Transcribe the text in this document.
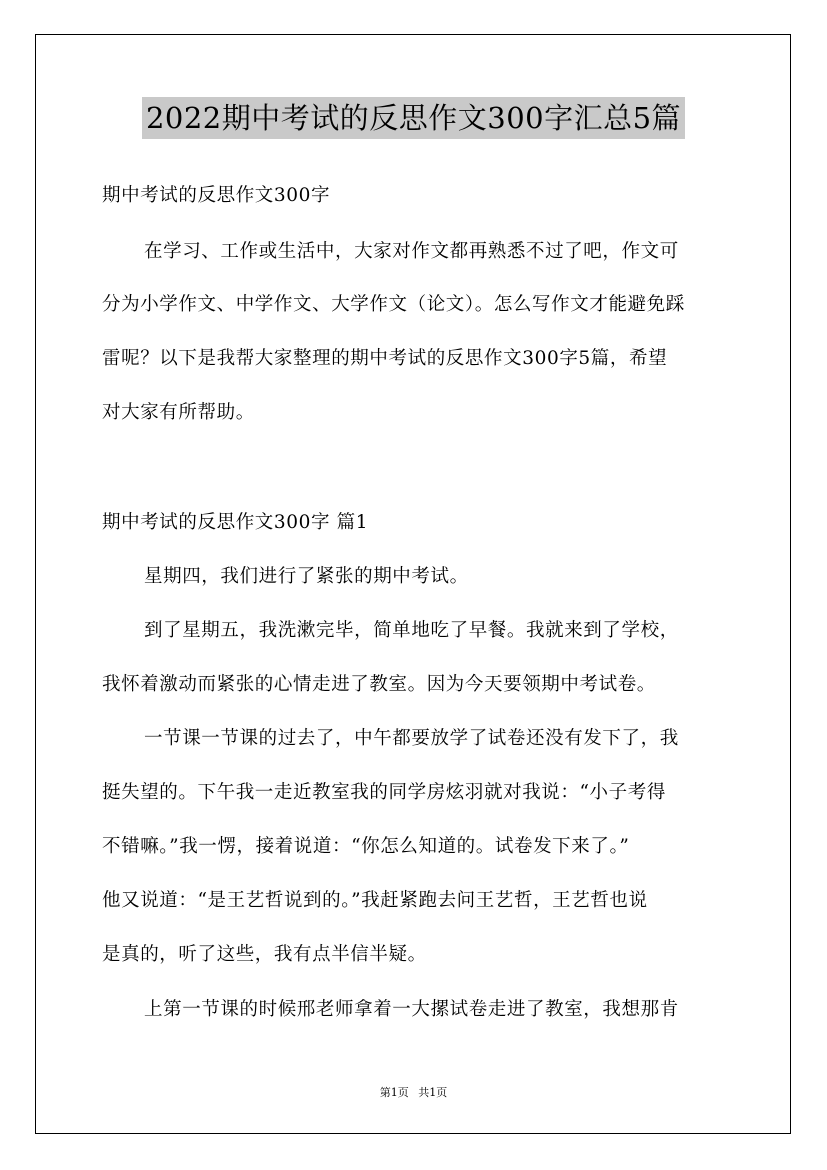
2022期中考试的反思作文300字汇总5篇
期中考试的反思作文300字
在学习、工作或生活中，大家对作文都再熟悉不过了吧，作文可
分为小学作文、中学作文、大学作文（论文）。怎么写作文才能避免踩
雷呢？以下是我帮大家整理的期中考试的反思作文300字5篇，希望
对大家有所帮助。
期中考试的反思作文300字 篇1
星期四，我们进行了紧张的期中考试。
到了星期五，我洗漱完毕，简单地吃了早餐。我就来到了学校，
我怀着激动而紧张的心情走进了教室。因为今天要领期中考试卷。
一节课一节课的过去了，中午都要放学了试卷还没有发下了，我
挺失望的。下午我一走近教室我的同学房炫羽就对我说：“小子考得
不错嘛。”我一愣，接着说道：“你怎么知道的。试卷发下来了。”
他又说道：“是王艺哲说到的。”我赶紧跑去问王艺哲，王艺哲也说
是真的，听了这些，我有点半信半疑。
上第一节课的时候邢老师拿着一大摞试卷走进了教室，我想那肯
第1页 共1页
